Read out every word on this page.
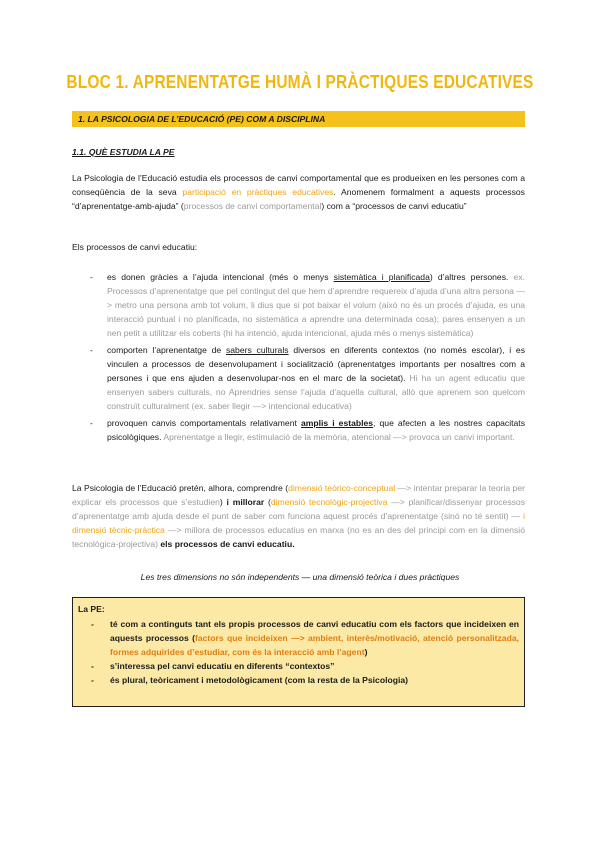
BLOC 1. APRENENTATGE HUMÀ I PRÀCTIQUES EDUCATIVES
1. LA PSICOLOGIA DE L’EDUCACIÓ (PE) COM A DISCIPLINA
1.1. QUÈ ESTUDIA LA PE

La Psicologia de l’Educació estudia els processos de canvi comportamental que es produeixen en les persones com a conseqüència de la seva participació en pràctiques educatives. Anomenem formalment a aquests processos “d’aprenentatge-amb-ajuda” (processos de canvi comportamental) com a “processos de canvi educatiu”

Els processos de canvi educatiu:

- es donen gràcies a l’ajuda intencional (més o menys sistemàtica i planificada) d’altres persones. ex. Processos d’aprenentatge que pel contingut del que hem d’aprendre requereix d’ajuda d’una altra persona —> metro una persona amb tot volum, li dius que si pot baixar el volum (això no és un procés d’ajuda, es una interacció puntual i no planificada, no sistemàtica a aprendre una determinada cosa); pares ensenyen a un nen petit a utilitzar els coberts (hi ha intenció, ajuda intencional, ajuda més o menys sistemàtica)
- comporten l’aprenentatge de sabers culturals diversos en diferents contextos (no només escolar), i es vinculen a processos de desenvolupament i socialització (aprenentatges importants per nosaltres com a persones i que ens ajuden a desenvolupar-nos en el marc de la societat). Hi ha un agent educatiu que ensenyen sabers culturals, no Aprendries sense l’ajuda d’aquella cultural, allò que aprenem son quelcom construït culturalment (ex. saber llegir —> intencional educativa)
- provoquen canvis comportamentals relativament amplis i estables, que afecten a les nostres capacitats psicològiques. Aprenentatge a llegir, estimulació de la memòria, atencional —> provoca un canvi important.

La Psicologia de l’Educació pretén, alhora, comprendre (dimensió teòrico-conceptual —> intentar preparar la teoria per explicar els processos que s’estudien) i millorar (dimensió tecnològic-projectiva —> planificar/dissenyar processos d’aprenentatge amb ajuda desde el punt de saber com funciona aquest procés d’aprenentatge (sinó no té sentit) — i dimensió tècnic-pràctica —> millora de processos educatius en marxa (no es an des del principi com en la dimensió tecnològica-projectiva) els processos de canvi educatiu.

Les tres dimensions no són independents — una dimensió teòrica i dues pràctiques
La PE:
- té com a continguts tant els propis processos de canvi educatiu com els factors que incideixen en aquests processos (factors que incideixen —> ambient, interès/motivació, atenció personalitzada, formes adquirides d’estudiar, com és la interacció amb l’agent)
- s’interessa pel canvi educatiu en diferents “contextos”
- és plural, teòricament i metodològicament (com la resta de la Psicologia)
